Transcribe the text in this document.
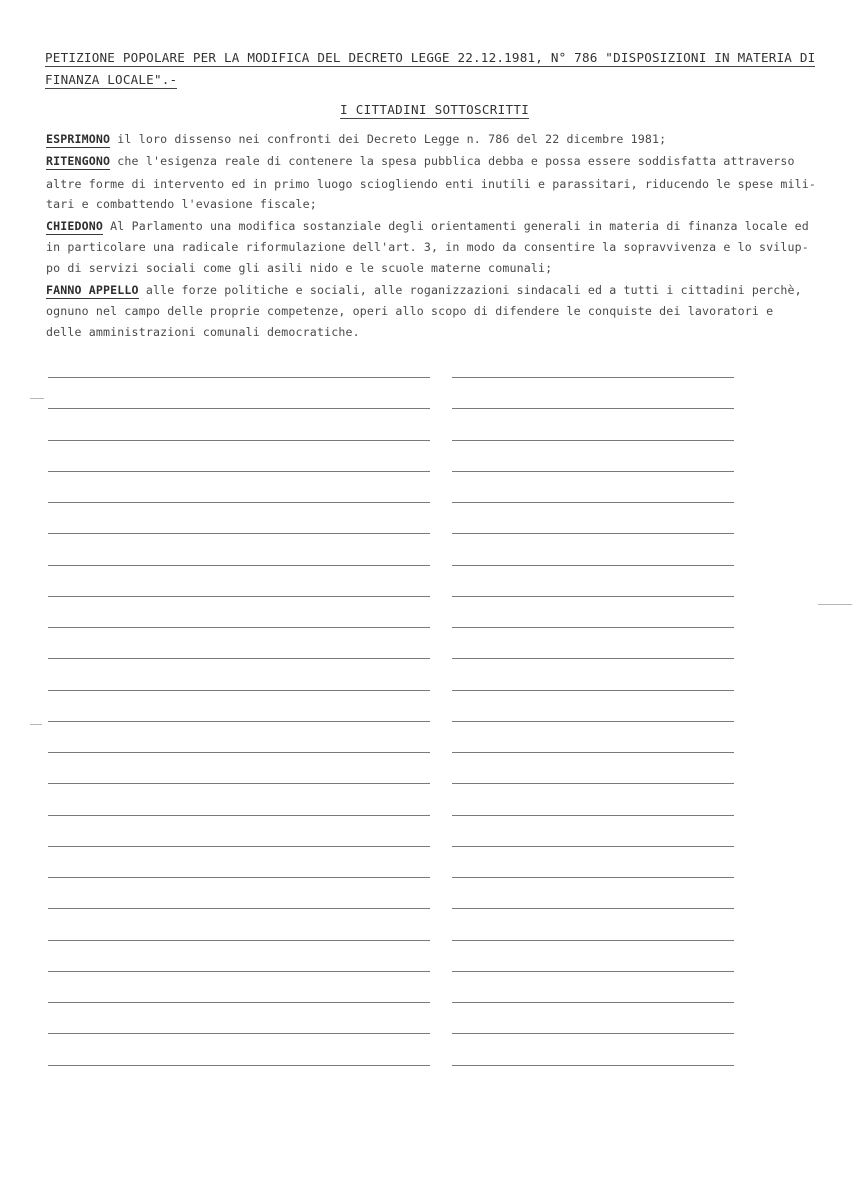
PETIZIONE POPOLARE PER LA MODIFICA DEL DECRETO LEGGE 22.12.1981, N° 786 "DISPOSIZIONI IN MATERIA DI
FINANZA LOCALE".-
I CITTADINI SOTTOSCRITTI
ESPRIMONO il loro dissenso nei confronti dei Decreto Legge n. 786 del 22 dicembre 1981;
RITENGONO che l'esigenza reale di contenere la spesa pubblica debba e possa essere soddisfatta attraverso
altre forme di intervento ed in primo luogo sciogliendo enti inutili e parassitari, riducendo le spese mili-
tari e combattendo l'evasione fiscale;
CHIEDONO Al Parlamento una modifica sostanziale degli orientamenti generali in materia di finanza locale ed
in particolare una radicale riformulazione dell'art. 3, in modo da consentire la sopravvivenza e lo svilup-
po di servizi sociali come gli asili nido e le scuole materne comunali;
FANNO APPELLO alle forze politiche e sociali, alle roganizzazioni sindacali ed a tutti i cittadini perchè,
ognuno nel campo delle proprie competenze, operi allo scopo di difendere le conquiste dei lavoratori e
delle amministrazioni comunali democratiche.
